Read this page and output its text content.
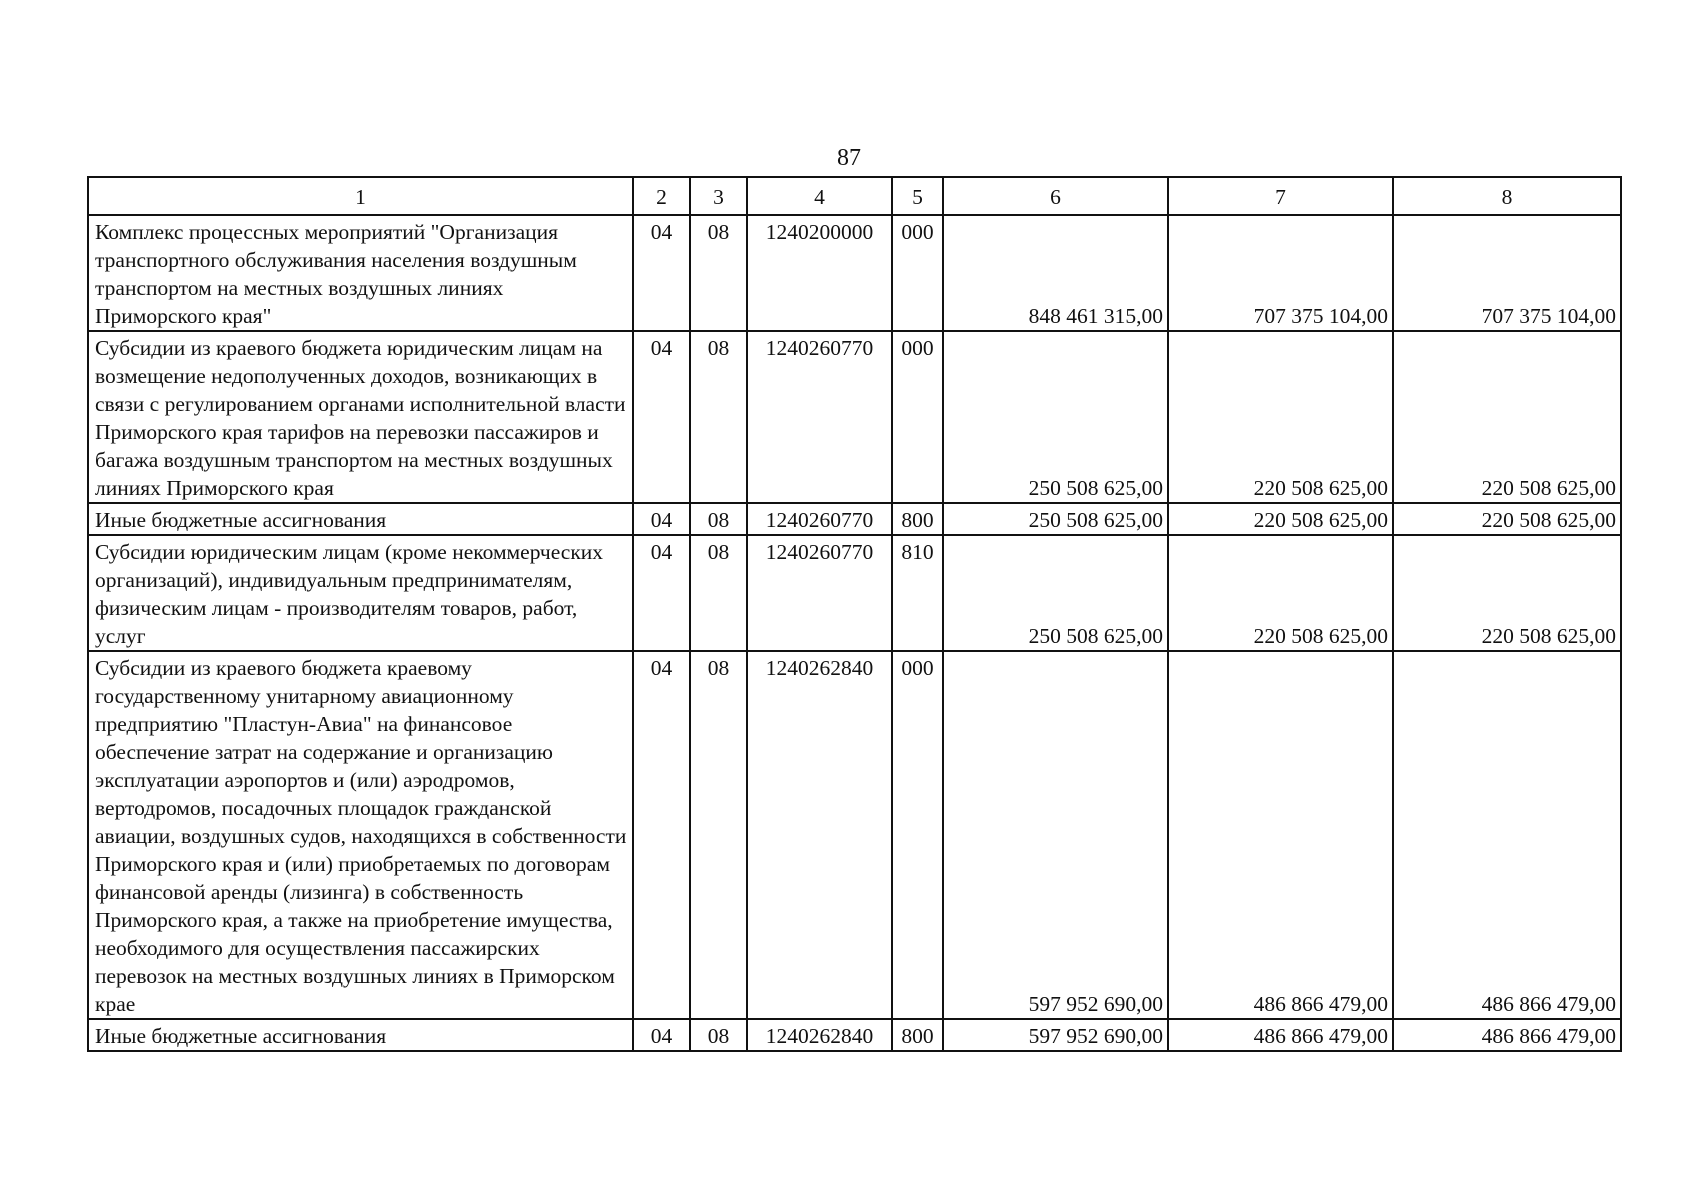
87
1	2	3	4	5	6	7	8
Комплекс процессных мероприятий "Организация транспортного обслуживания населения воздушным транспортом на местных воздушных линиях Приморского края"	04	08	1240200000	000	848 461 315,00	707 375 104,00	707 375 104,00
Субсидии из краевого бюджета юридическим лицам на возмещение недополученных доходов, возникающих в связи с регулированием органами исполнительной власти Приморского края тарифов на перевозки пассажиров и багажа воздушным транспортом на местных воздушных линиях Приморского края	04	08	1240260770	000	250 508 625,00	220 508 625,00	220 508 625,00
Иные бюджетные ассигнования	04	08	1240260770	800	250 508 625,00	220 508 625,00	220 508 625,00
Субсидии юридическим лицам (кроме некоммерческих организаций), индивидуальным предпринимателям, физическим лицам - производителям товаров, работ, услуг	04	08	1240260770	810	250 508 625,00	220 508 625,00	220 508 625,00
Субсидии из краевого бюджета краевому государственному унитарному авиационному предприятию "Пластун-Авиа" на финансовое обеспечение затрат на содержание и организацию эксплуатации аэропортов и (или) аэродромов, вертодромов, посадочных площадок гражданской авиации, воздушных судов, находящихся в собственности Приморского края и (или) приобретаемых по договорам финансовой аренды (лизинга) в собственность Приморского края, а также на приобретение имущества, необходимого для осуществления пассажирских перевозок на местных воздушных линиях в Приморском крае	04	08	1240262840	000	597 952 690,00	486 866 479,00	486 866 479,00
Иные бюджетные ассигнования	04	08	1240262840	800	597 952 690,00	486 866 479,00	486 866 479,00
